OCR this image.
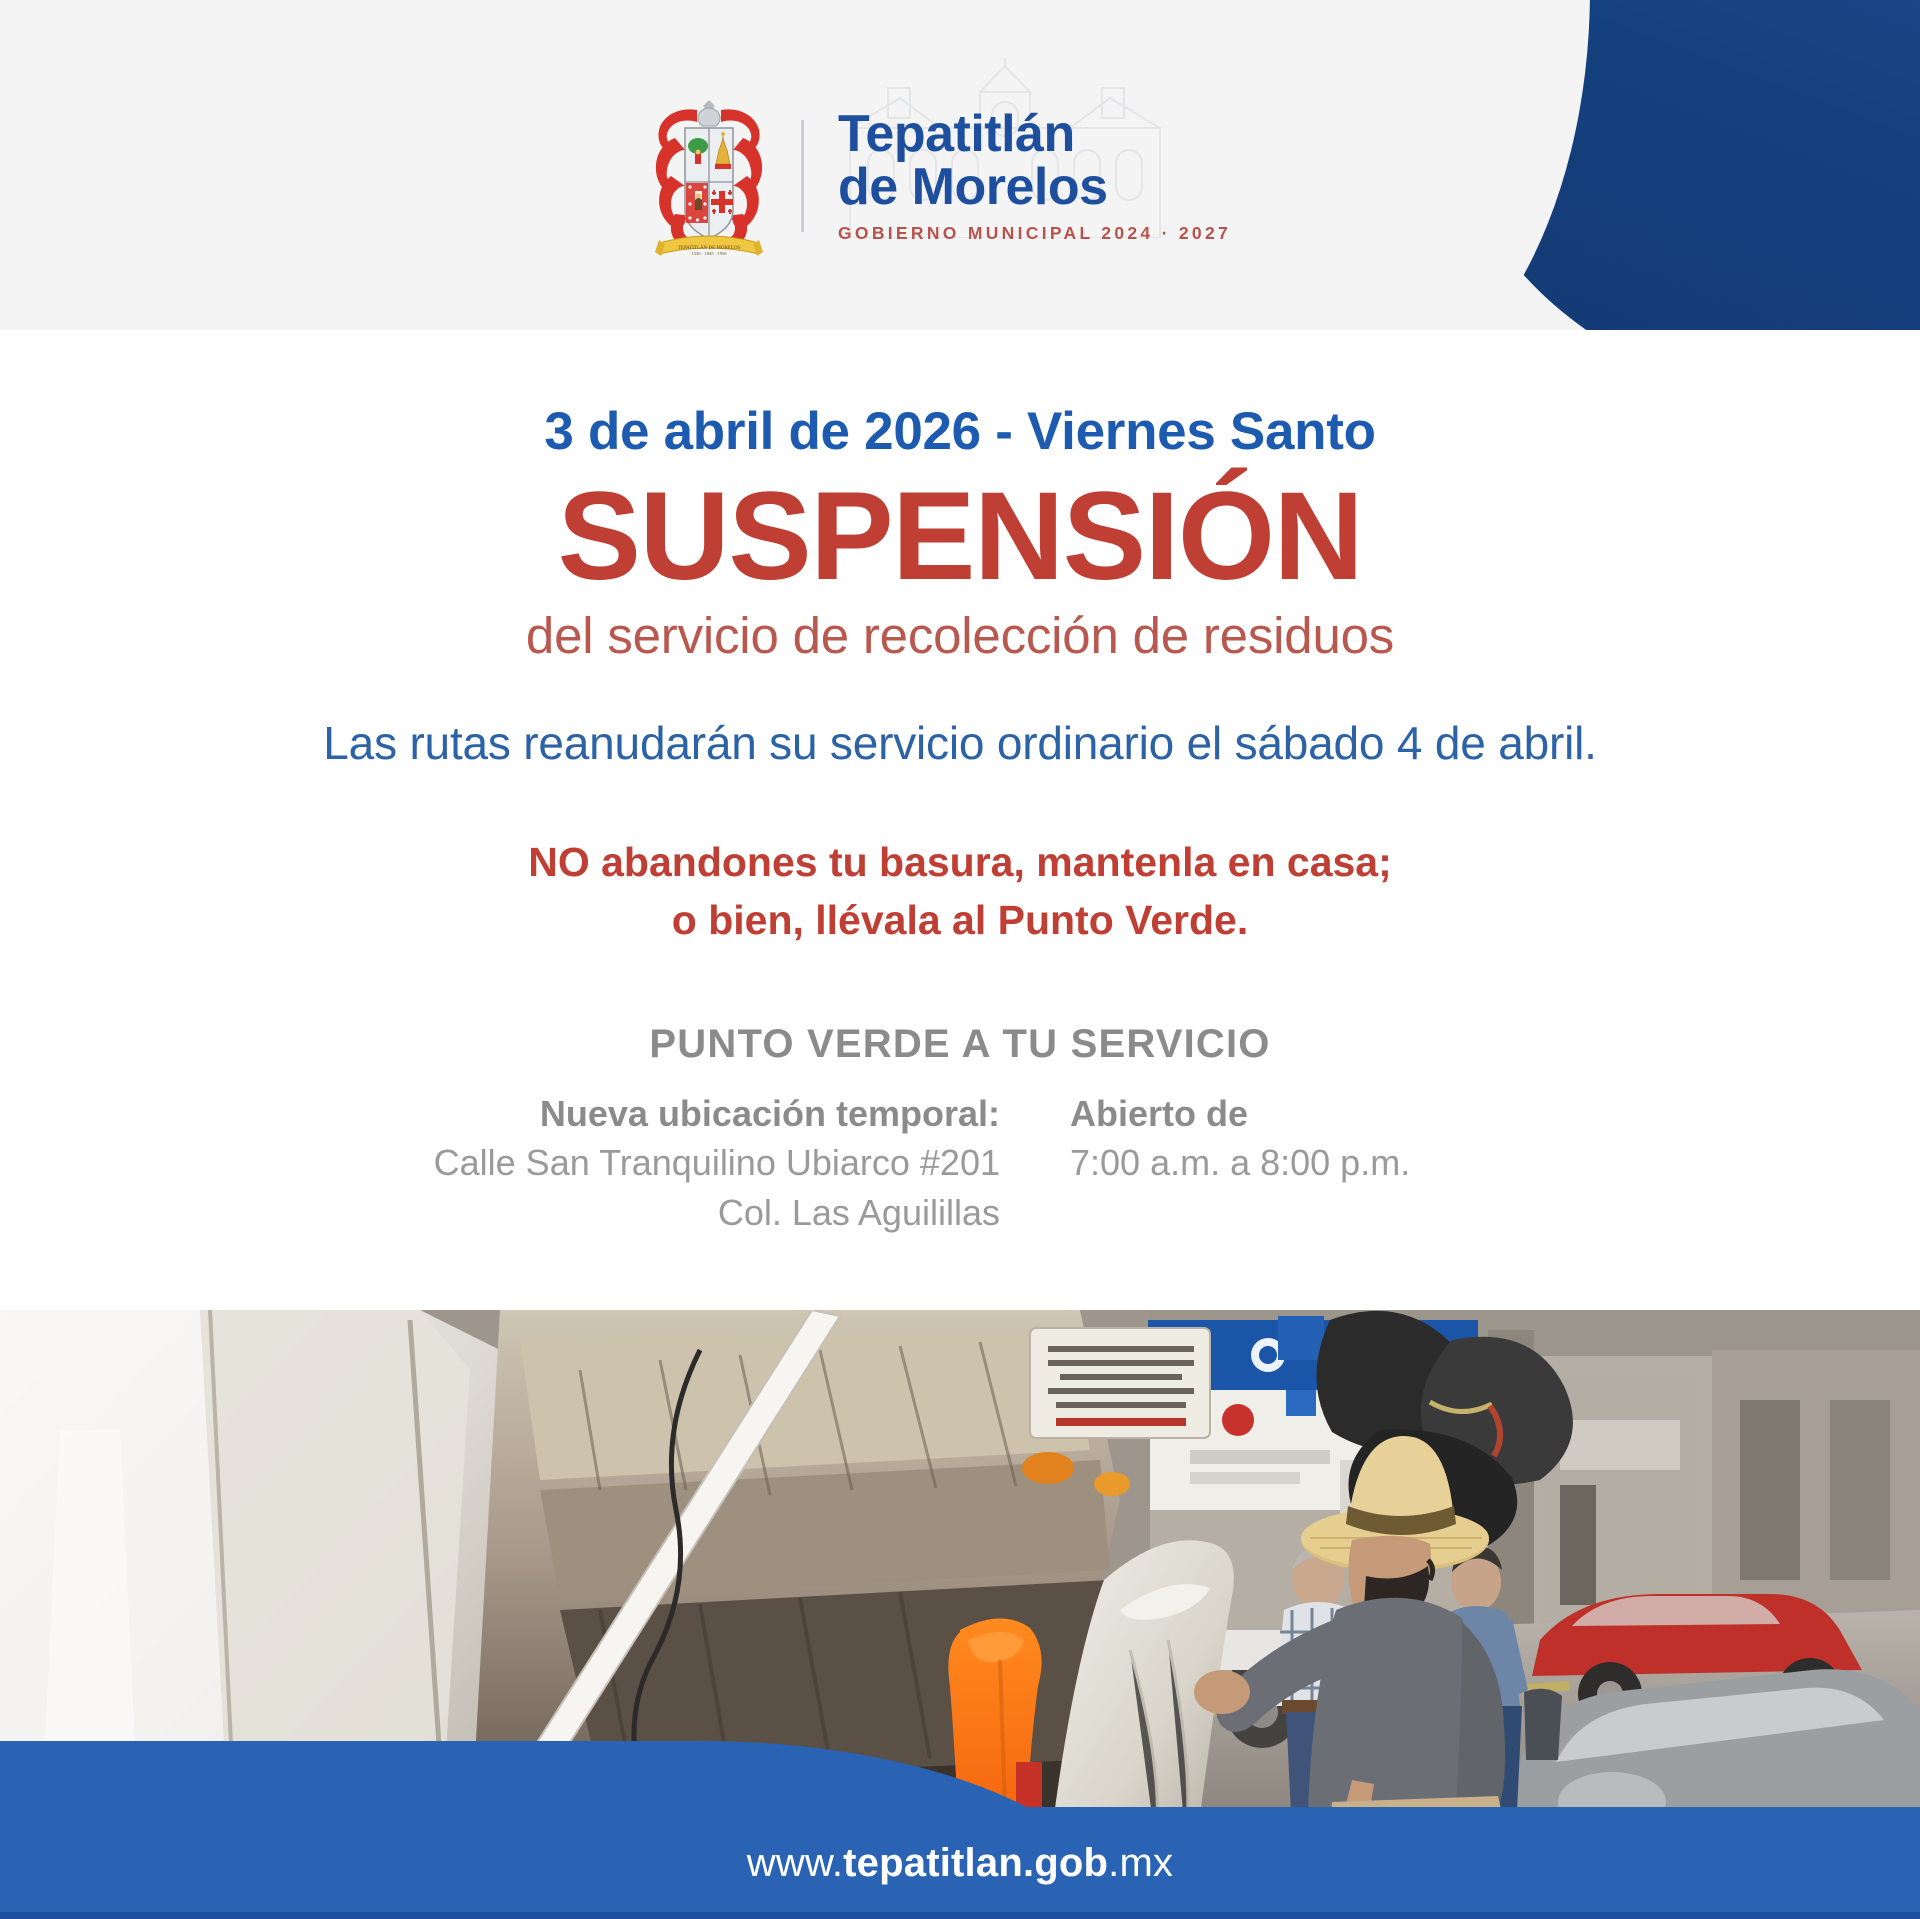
TEPATITLÁN DE MORELOS
1530 · 1845 · 1956
Tepatitlán
de Morelos
GOBIERNO MUNICIPAL 2024 · 2027
3 de abril de 2026 - Viernes Santo
SUSPENSIÓN
del servicio de recolección de residuos
Las rutas reanudarán su servicio ordinario el sábado 4 de abril.
NO abandones tu basura, mantenla en casa;
o bien, llévala al Punto Verde.
PUNTO VERDE A TU SERVICIO
Nueva ubicación temporal:
Calle San Tranquilino Ubiarco #201
Col. Las Aguilillas
Abierto de
7:00 a.m. a 8:00 p.m.
www.tepatitlan.gob.mx
